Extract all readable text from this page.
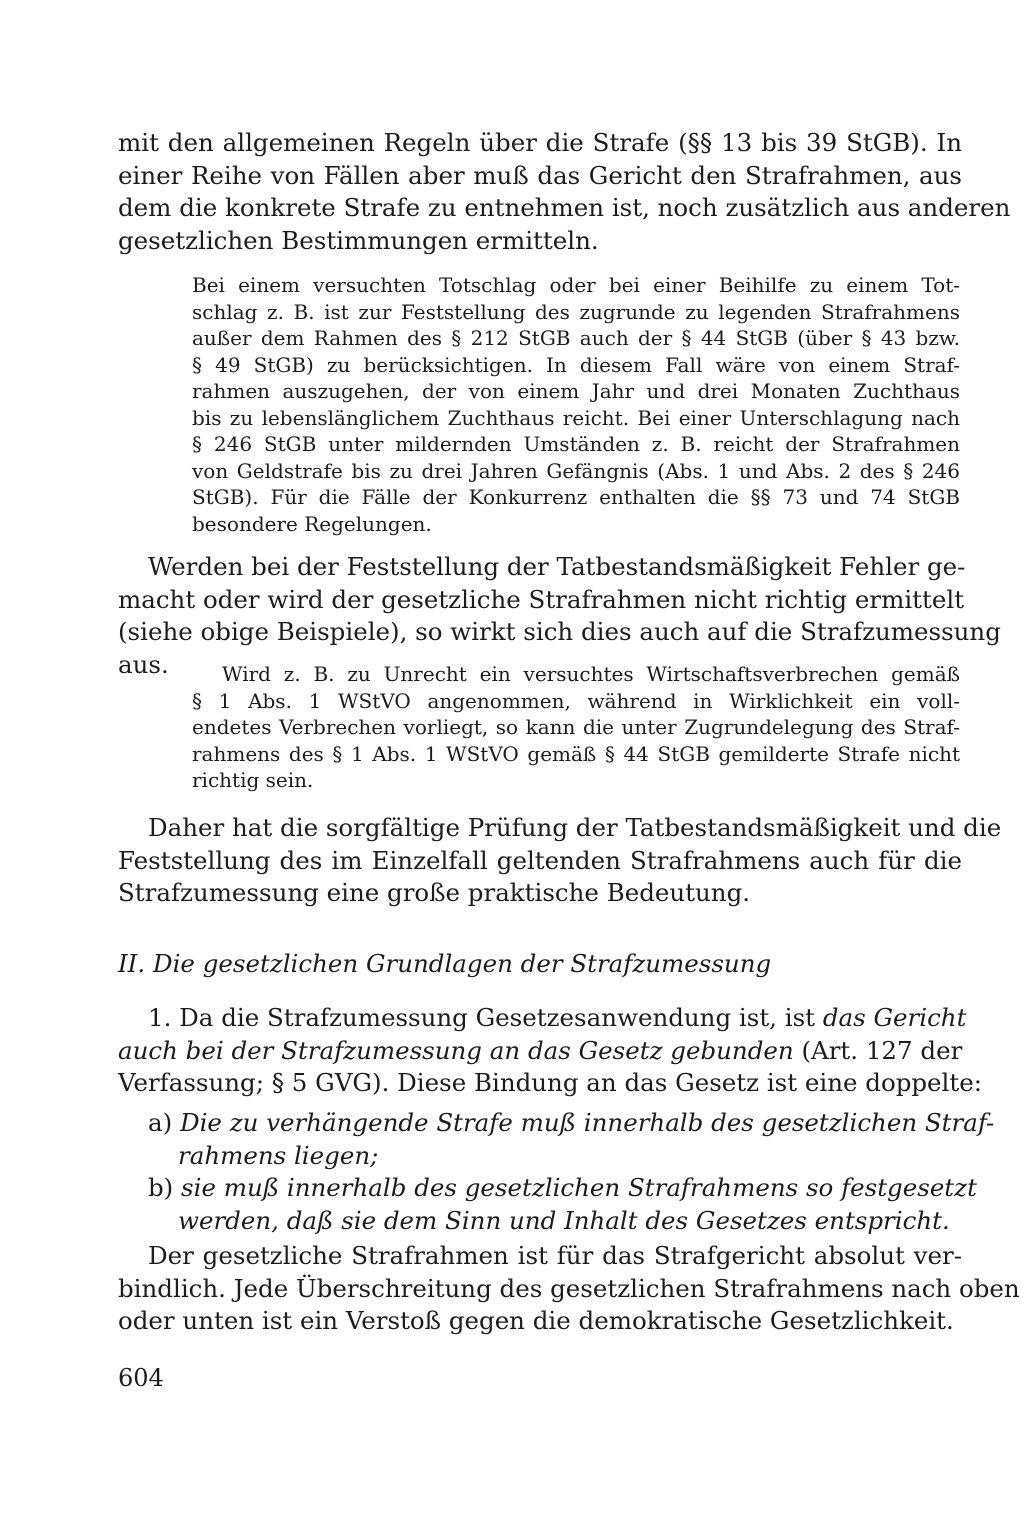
mit den allgemeinen Regeln über die Strafe (§§ 13 bis 39 StGB). In
einer Reihe von Fällen aber muß das Gericht den Strafrahmen, aus
dem die konkrete Strafe zu entnehmen ist, noch zusätzlich aus anderen
gesetzlichen Bestimmungen ermitteln.
Bei einem versuchten Totschlag oder bei einer Beihilfe zu einem Tot-
schlag z. B. ist zur Feststellung des zugrunde zu legenden Strafrahmens
außer dem Rahmen des § 212 StGB auch der § 44 StGB (über § 43 bzw.
§ 49 StGB) zu berücksichtigen. In diesem Fall wäre von einem Straf-
rahmen auszugehen, der von einem Jahr und drei Monaten Zuchthaus
bis zu lebenslänglichem Zuchthaus reicht. Bei einer Unterschlagung nach
§ 246 StGB unter mildernden Umständen z. B. reicht der Strafrahmen
von Geldstrafe bis zu drei Jahren Gefängnis (Abs. 1 und Abs. 2 des § 246
StGB). Für die Fälle der Konkurrenz enthalten die §§ 73 und 74 StGB
besondere Regelungen.
Werden bei der Feststellung der Tatbestandsmäßigkeit Fehler ge-
macht oder wird der gesetzliche Strafrahmen nicht richtig ermittelt
(siehe obige Beispiele), so wirkt sich dies auch auf die Strafzumessung
aus.	Wird z. B. zu Unrecht ein versuchtes Wirtschaftsverbrechen gemäß
§ 1 Abs. 1 WStVO angenommen, während in Wirklichkeit ein voll-
endetes Verbrechen vorliegt, so kann die unter Zugrundelegung des Straf-
rahmens des § 1 Abs. 1 WStVO gemäß § 44 StGB gemilderte Strafe nicht
richtig sein.
Daher hat die sorgfältige Prüfung der Tatbestandsmäßigkeit und die
Feststellung des im Einzelfall geltenden Strafrahmens auch für die
Strafzumessung eine große praktische Bedeutung.
II. Die gesetzlichen Grundlagen der Strafzumessung
1. Da die Strafzumessung Gesetzesanwendung ist, ist das Gericht
auch bei der Strafzumessung an das Gesetz gebunden (Art. 127 der
Verfassung; § 5 GVG). Diese Bindung an das Gesetz ist eine doppelte:
a) Die zu verhängende Strafe muß innerhalb des gesetzlichen Straf-
rahmens liegen;
b) sie muß innerhalb des gesetzlichen Strafrahmens so festgesetzt
werden, daß sie dem Sinn und Inhalt des Gesetzes entspricht.
Der gesetzliche Strafrahmen ist für das Strafgericht absolut ver-
bindlich. Jede Überschreitung des gesetzlichen Strafrahmens nach oben
oder unten ist ein Verstoß gegen die demokratische Gesetzlichkeit.
604
